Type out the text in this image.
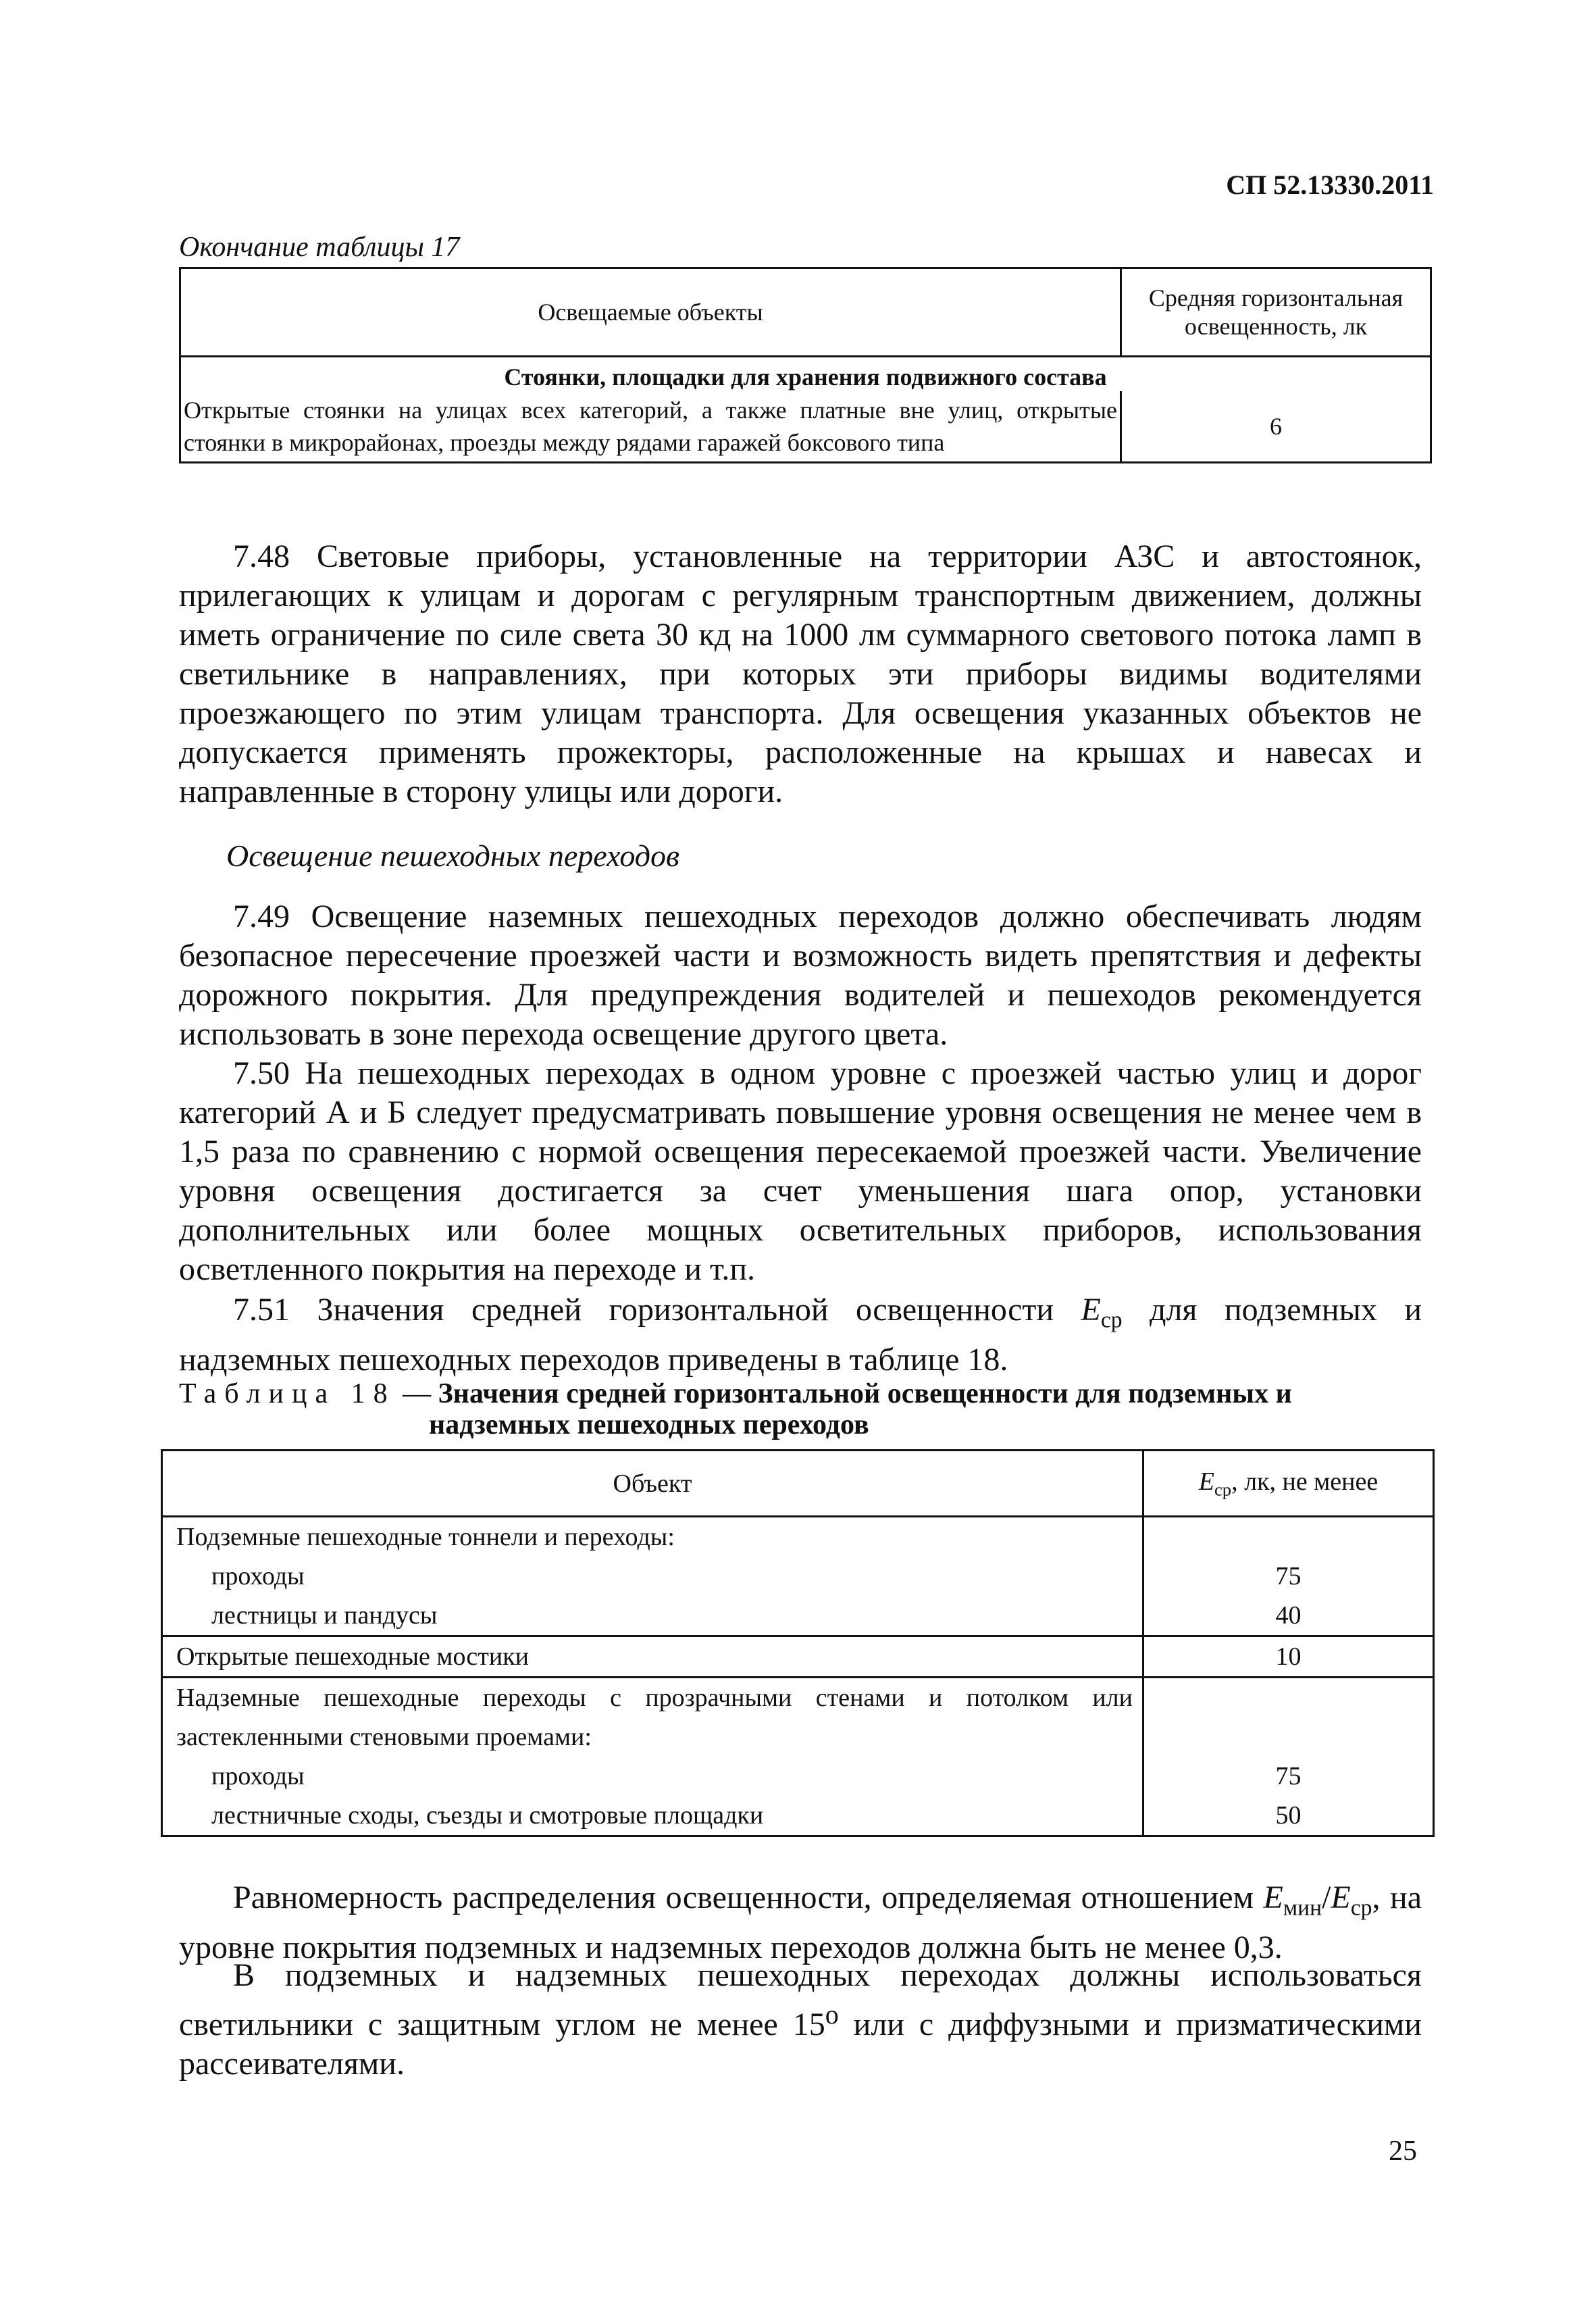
СП 52.13330.2011
Окончание таблицы 17
Освещаемые объекты	Средняя горизонтальная
освещенность, лк
Стоянки, площадки для хранения подвижного состава	
Открытые стоянки на улицах всех категорий, а также платные вне улиц, открытые стоянки в микрорайонах, проезды между рядами гаражей боксового типа	6
7.48 Световые приборы, установленные на территории АЗС и автостоянок, прилегающих к улицам и дорогам с регулярным транспортным движением, должны иметь ограничение по силе света 30 кд на 1000 лм суммарного светового потока ламп в светильнике в направлениях, при которых эти приборы видимы водителями проезжающего по этим улицам транспорта. Для освещения указанных объектов не допускается применять прожекторы, расположенные на крышах и навесах и направленные в сторону улицы или дороги.
Освещение пешеходных переходов
7.49 Освещение наземных пешеходных переходов должно обеспечивать людям безопасное пересечение проезжей части и возможность видеть препятствия и дефекты дорожного покрытия. Для предупреждения водителей и пешеходов рекомендуется использовать в зоне перехода освещение другого цвета.
7.50 На пешеходных переходах в одном уровне с проезжей частью улиц и дорог категорий А и Б следует предусматривать повышение уровня освещения не менее чем в 1,5 раза по сравнению с нормой освещения пересекаемой проезжей части. Увеличение уровня освещения достигается за счет уменьшения шага опор, установки дополнительных или более мощных осветительных приборов, использования осветленного покрытия на переходе и т.п.
7.51 Значения средней горизонтальной освещенности $E_{ср}$ для подземных и надземных пешеходных переходов приведены в таблице 18.
Таблица 18 — Значения средней горизонтальной освещенности для подземных и
надземных пешеходных переходов
Объект	$E_{ср}$, лк, не менее
Подземные пешеходные тоннели и переходы:	
проходы	75
лестницы и пандусы	40
Открытые пешеходные мостики	10
Надземные пешеходные переходы с прозрачными стенами и потолком или застекленными стеновыми проемами:	
проходы	75
лестничные сходы, съезды и смотровые площадки	50
Равномерность распределения освещенности, определяемая отношением $E_{мин}/E_{ср}$, на уровне покрытия подземных и надземных переходов должна быть не менее 0,3.
В подземных и надземных пешеходных переходах должны использоваться светильники с защитным углом не менее 15$^o$ или с диффузными и призматическими рассеивателями.
25
